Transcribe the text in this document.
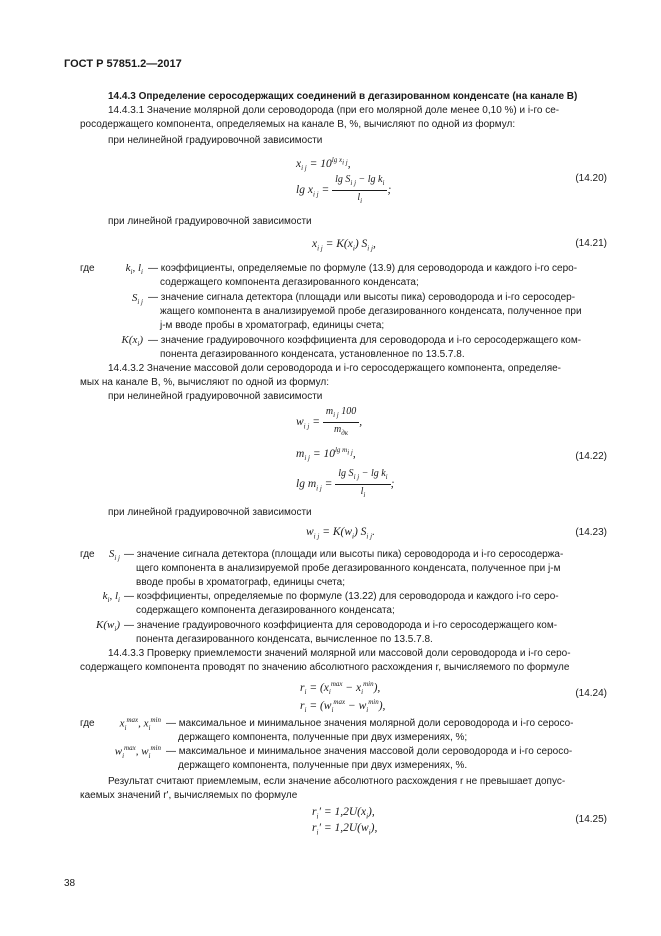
ГОСТ Р 57851.2—2017
14.4.3 Определение серосодержащих соединений в дегазированном конденсате (на канале В)
14.4.3.1 Значение молярной доли сероводорода (при его молярной доле менее 0,10 %) и i-го се-
росодержащего компонента, определяемых на канале В, %, вычисляют по одной из формул:
при нелинейной градуировочной зависимости
$x_{i j} = 10^{lg x_{i j}}$,
$\lg x_{i j} = \frac{\lg S_{i j} - \lg k_i}{l_i}$ ;
(14.20)
при линейной градуировочной зависимости
$x_{i j} = K(x_i)$ $S_{i j}$,	(14.21)
где	$k_i$, $l_i$ — коэффициенты, определяемые по формуле (13.9) для сероводорода и каждого i-го серо-
содержащего компонента дегазированного конденсата;
$S_{i j}$ — значение сигнала детектора (площади или высоты пика) сероводорода и i-го серосодер-
жащего компонента в анализируемой пробе дегазированного конденсата, полученное при
j-м вводе пробы в хроматограф, единицы счета;
$K(x_i)$ — значение градуировочного коэффициента для сероводорода и i-го серосодержащего ком-
понента дегазированного конденсата, установленное по 13.5.7.8.
14.4.3.2 Значение массовой доли сероводорода и i-го серосодержащего компонента, определяе-
мых на канале В, %, вычисляют по одной из формул:
при нелинейной градуировочной зависимости
$w_{i j} = \frac{m_{i j} 100}{m_{дк}}$ ,
$m_{i j} = 10^{lg m_{i j}}$,
$\lg m_{i j} = \frac{\lg S_{i j} - \lg k_i}{l_i}$ ;
(14.22)
при линейной градуировочной зависимости
$w_{i j} = K(w_i)$ $S_{i j}$.	(14.23)
где $S_{i j}$ — значение сигнала детектора (площади или высоты пика) сероводорода и i-го серосодержа-
щего компонента в анализируемой пробе дегазированного конденсата, полученное при j-м
вводе пробы в хроматограф, единицы счета;
$k_i$, $l_i$ — коэффициенты, определяемые по формуле (13.22) для сероводорода и каждого i-го серо-
содержащего компонента дегазированного конденсата;
$K(w_i)$ — значение градуировочного коэффициента для сероводорода и i-го серосодержащего ком-
понента дегазированного конденсата, вычисленное по 13.5.7.8.
14.4.3.3 Проверку приемлемости значений молярной или массовой доли сероводорода и i-го серо-
содержащего компонента проводят по значению абсолютного расхождения r, вычисляемого по формуле
$r_i = (x_i^{max} - x_i^{min})$,
$r_i = (w_i^{max} - w_i^{min})$,
(14.24)
где $x_i^{max}$, $x_i^{min}$ — максимальное и минимальное значения молярной доли сероводорода и i-го серосо-
держащего компонента, полученные при двух измерениях, %;
$w_i^{max}$, $w_i^{min}$ — максимальное и минимальное значения массовой доли сероводорода и i-го серосо-
держащего компонента, полученные при двух измерениях, %.
Результат считают приемлемым, если значение абсолютного расхождения r не превышает допус-
каемых значений r', вычисляемых по формуле
$r_i' = 1,2U(x_i)$,
$r_i' = 1,2U(w_i)$,
(14.25)
38
